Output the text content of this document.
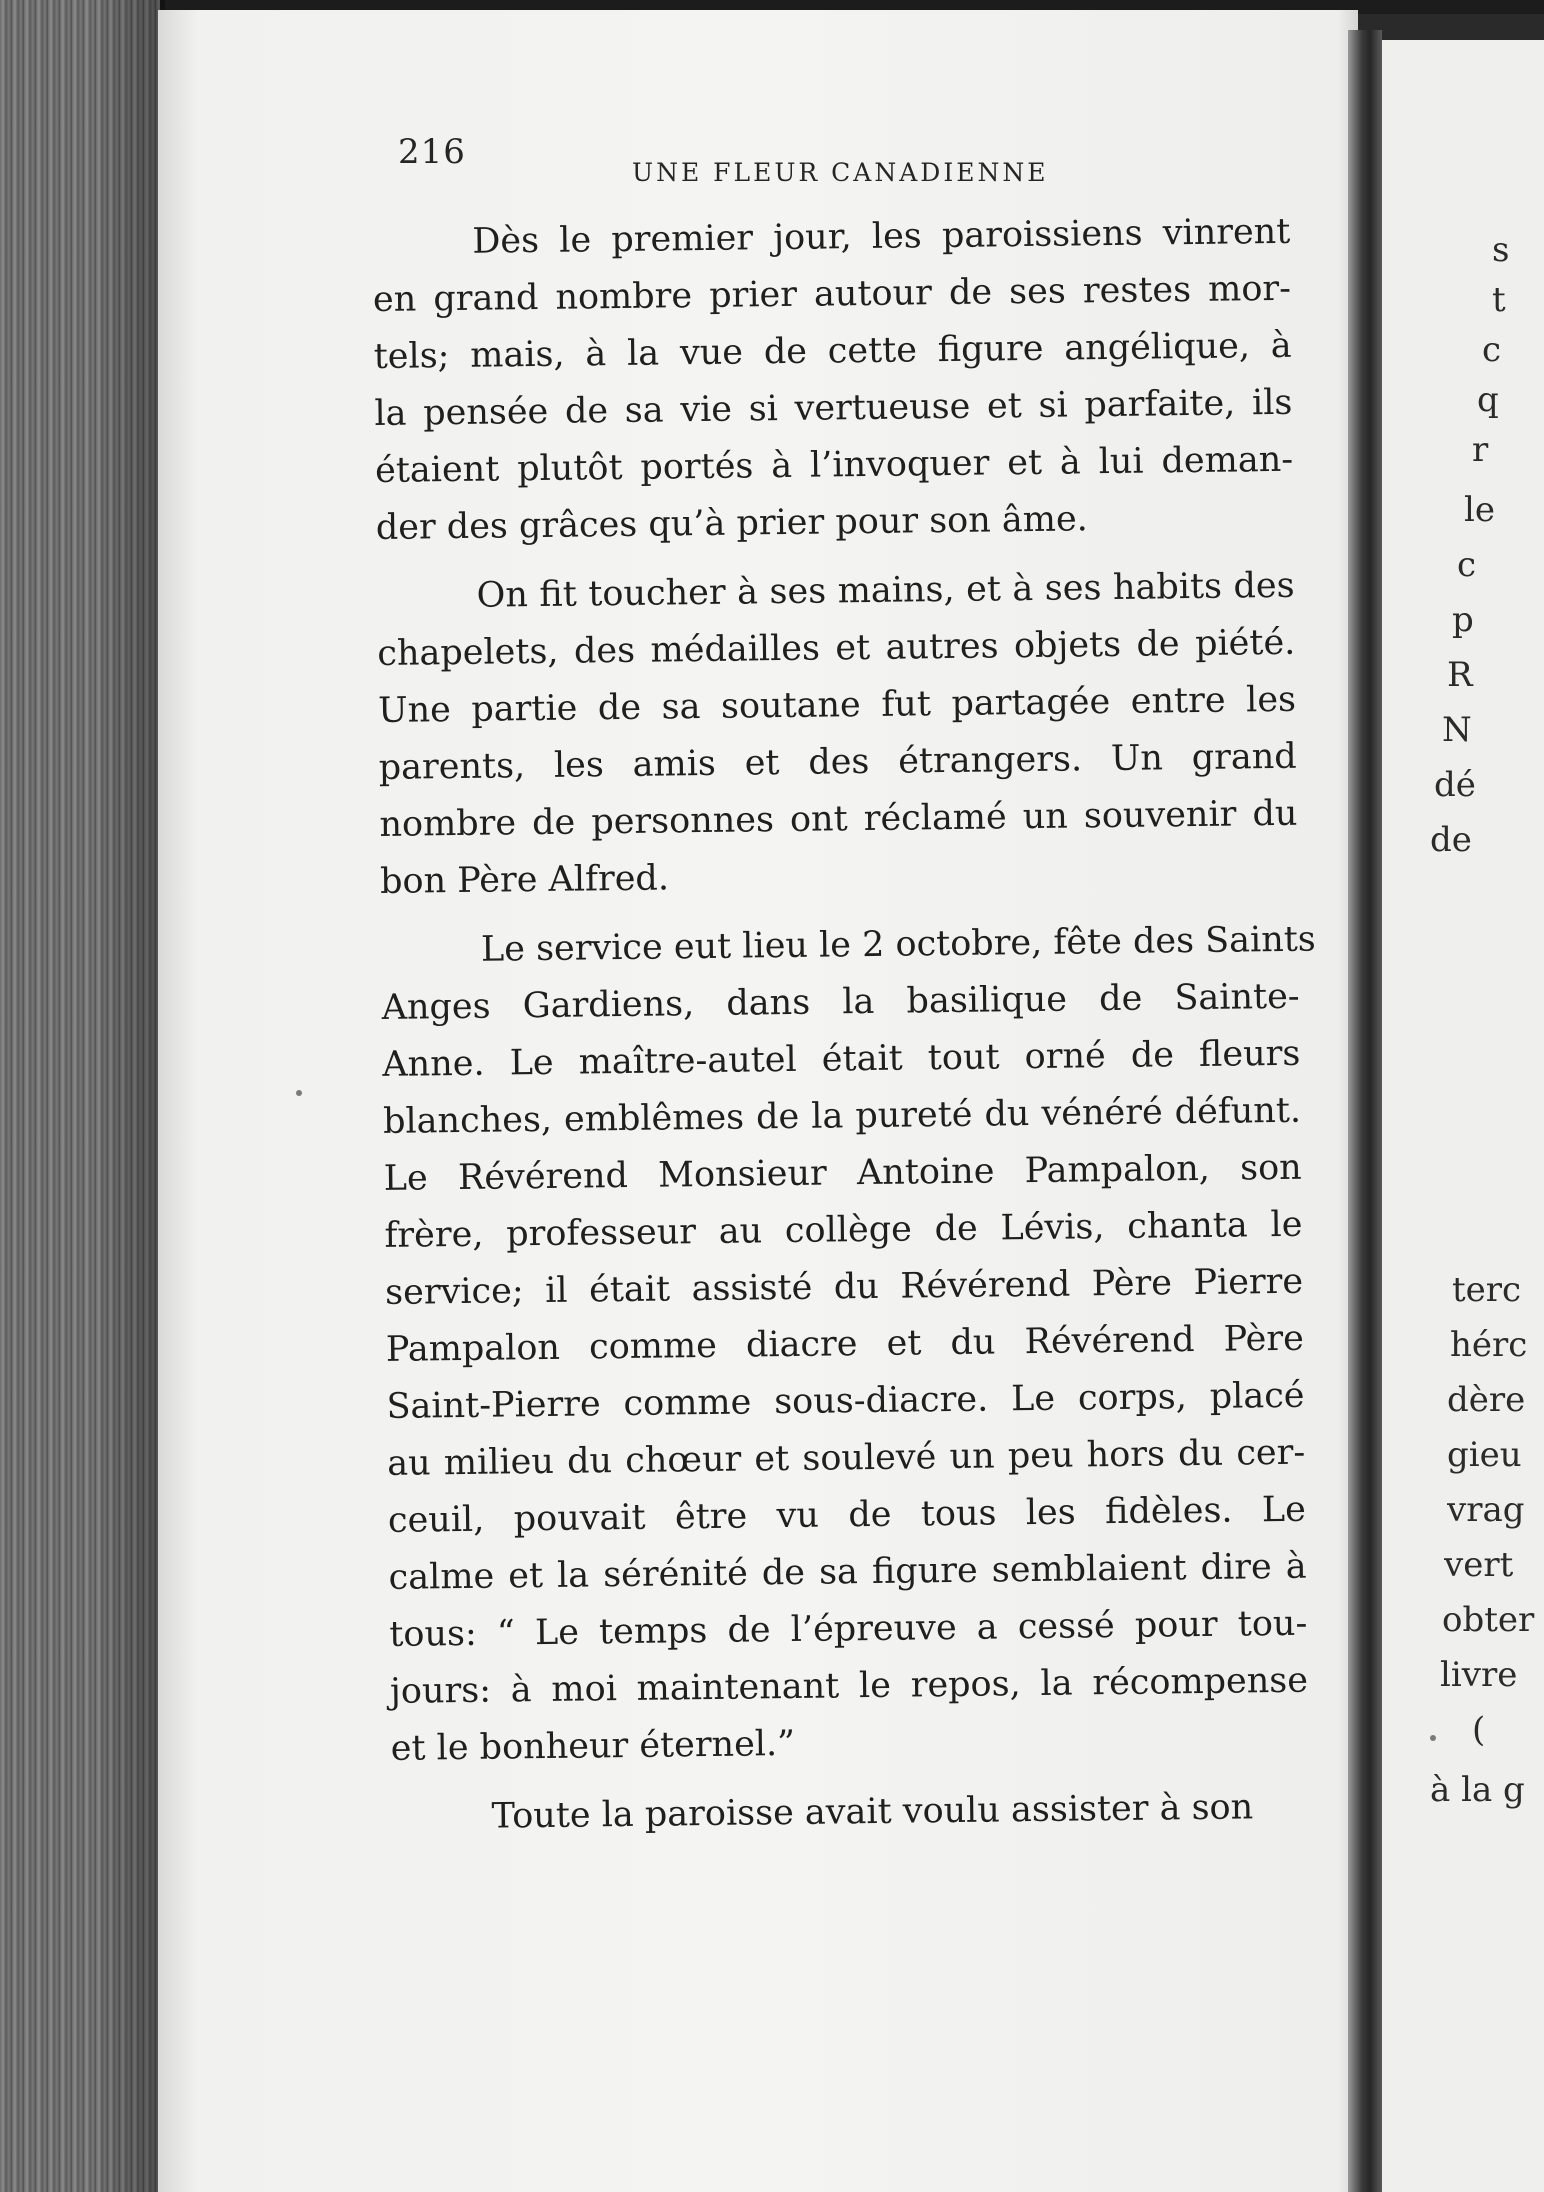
216
UNE FLEUR CANADIENNE
Dès le premier jour, les paroissiens vinrent
en grand nombre prier autour de ses restes mor-
tels; mais, à la vue de cette figure angélique, à
la pensée de sa vie si vertueuse et si parfaite, ils
étaient plutôt portés à l’invoquer et à lui deman-
der des grâces qu’à prier pour son âme.
On fit toucher à ses mains, et à ses habits des
chapelets, des médailles et autres objets de piété.
Une partie de sa soutane fut partagée entre les
parents, les amis et des étrangers. Un grand
nombre de personnes ont réclamé un souvenir du
bon Père Alfred.
Le service eut lieu le 2 octobre, fête des Saints
Anges Gardiens, dans la basilique de Sainte-
Anne. Le maître-autel était tout orné de fleurs
blanches, emblêmes de la pureté du vénéré défunt.
Le Révérend Monsieur Antoine Pampalon, son
frère, professeur au collège de Lévis, chanta le
service; il était assisté du Révérend Père Pierre
Pampalon comme diacre et du Révérend Père
Saint-Pierre comme sous-diacre. Le corps, placé
au milieu du chœur et soulevé un peu hors du cer-
ceuil, pouvait être vu de tous les fidèles. Le
calme et la sérénité de sa figure semblaient dire à
tous: “ Le temps de l’épreuve a cessé pour tou-
jours: à moi maintenant le repos, la récompense
et le bonheur éternel.”
Toute la paroisse avait voulu assister à son
s
t
c
q
r
le
c
p
R
N
dé
de
terc
hérc
dère
gieu
vrag
vert
obter
livre
(
à la g
